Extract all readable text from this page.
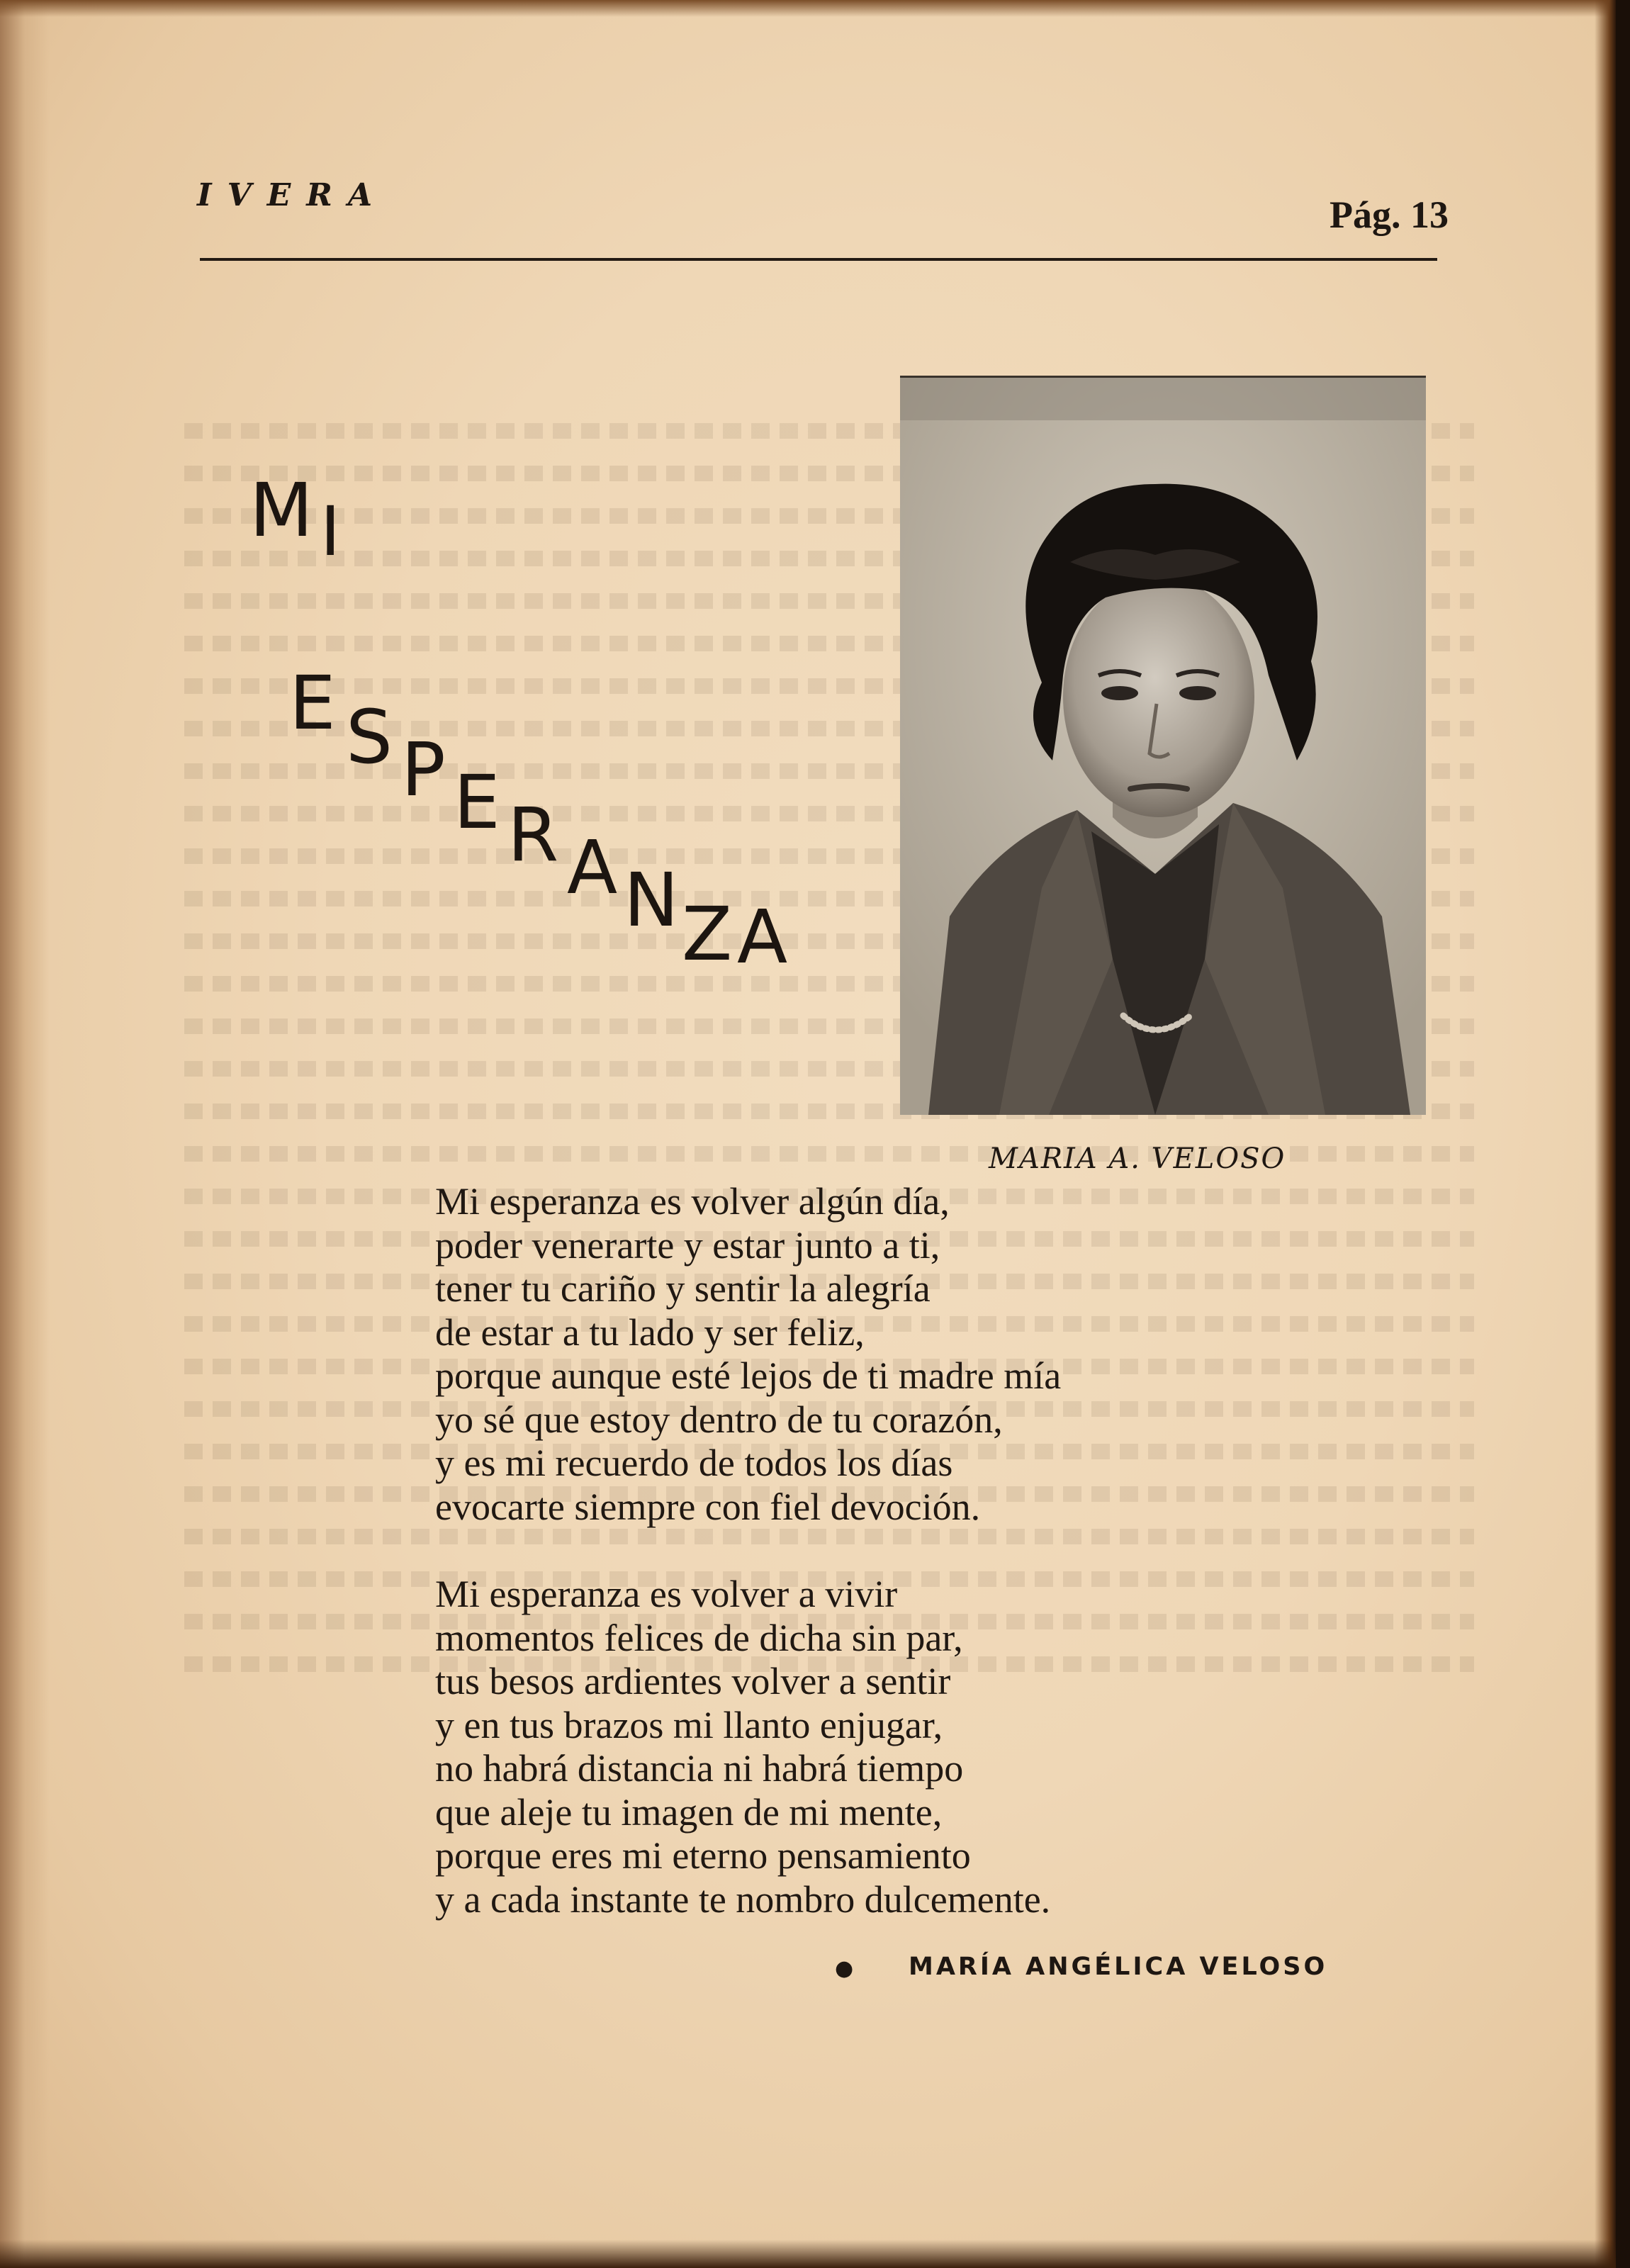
IVERA	Pág. 13
M I
E S P E R A N Z A
MARIA A. VELOSO
Mi esperanza es volver algún día,
poder venerarte y estar junto a ti,
tener tu cariño y sentir la alegría
de estar a tu lado y ser feliz,
porque aunque esté lejos de ti madre mía
yo sé que estoy dentro de tu corazón,
y es mi recuerdo de todos los días
evocarte siempre con fiel devoción.
Mi esperanza es volver a vivir
momentos felices de dicha sin par,
tus besos ardientes volver a sentir
y en tus brazos mi llanto enjugar,
no habrá distancia ni habrá tiempo
que aleje tu imagen de mi mente,
porque eres mi eterno pensamiento
y a cada instante te nombro dulcemente.
● MARÍA ANGÉLICA VELOSO
